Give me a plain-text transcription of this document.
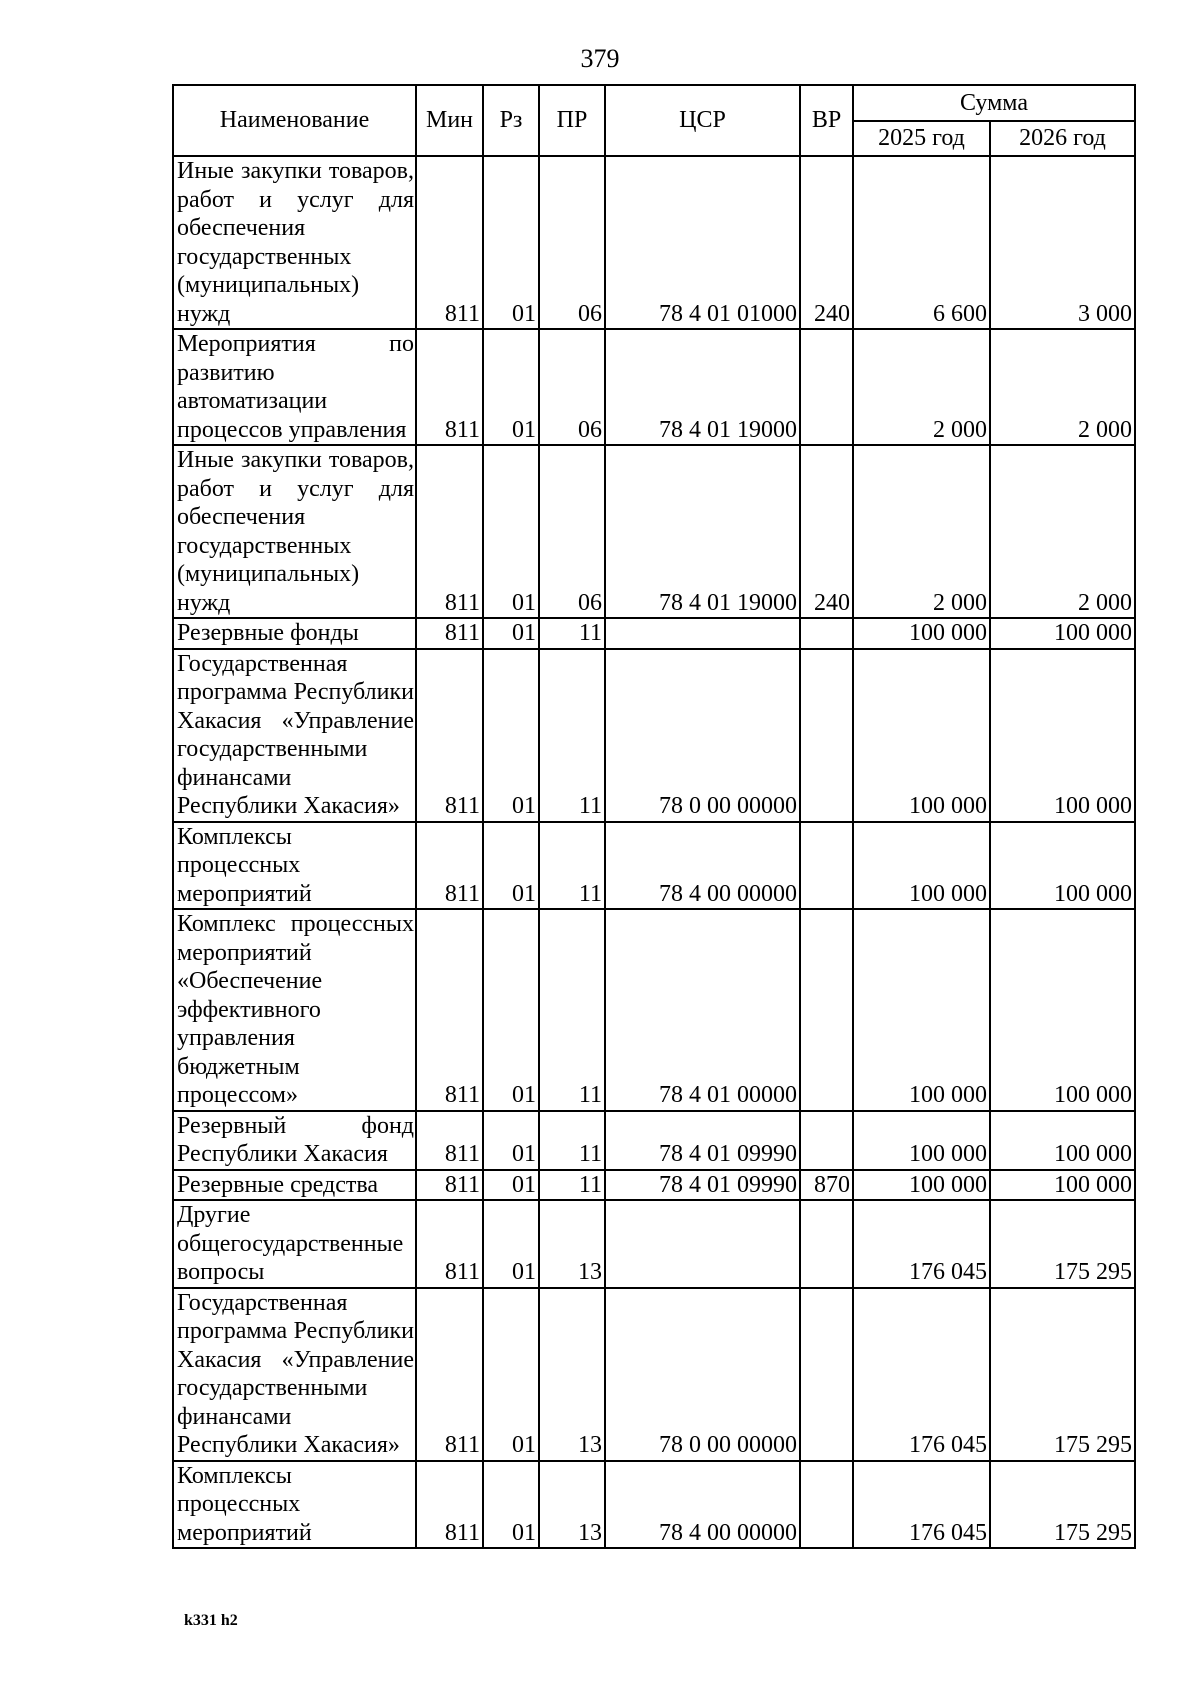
379
Наименование	Мин	Рз	ПР	ЦСР	ВР	Сумма	
						2025 год	2026 год
Иные закупки товаров, работ и услуг для обеспечения государственных (муниципальных) нужд	811	01	06	78 4 01 01000	240	6 600	3 000
Мероприятия по развитию автоматизации процессов управления	811	01	06	78 4 01 19000		2 000	2 000
Иные закупки товаров, работ и услуг для обеспечения государственных (муниципальных) нужд	811	01	06	78 4 01 19000	240	2 000	2 000
Резервные фонды	811	01	11			100 000	100 000
Государственная программа Республики Хакасия «Управление государственными финансами Республики Хакасия»	811	01	11	78 0 00 00000		100 000	100 000
Комплексы процессных мероприятий	811	01	11	78 4 00 00000		100 000	100 000
Комплекс процессных мероприятий «Обеспечение эффективного управления бюджетным процессом»	811	01	11	78 4 01 00000		100 000	100 000
Резервный фонд Республики Хакасия	811	01	11	78 4 01 09990		100 000	100 000
Резервные средства	811	01	11	78 4 01 09990	870	100 000	100 000
Другие общегосударственные вопросы	811	01	13			176 045	175 295
Государственная программа Республики Хакасия «Управление государственными финансами Республики Хакасия»	811	01	13	78 0 00 00000		176 045	175 295
Комплексы процессных мероприятий	811	01	13	78 4 00 00000		176 045	175 295
k331 h2
